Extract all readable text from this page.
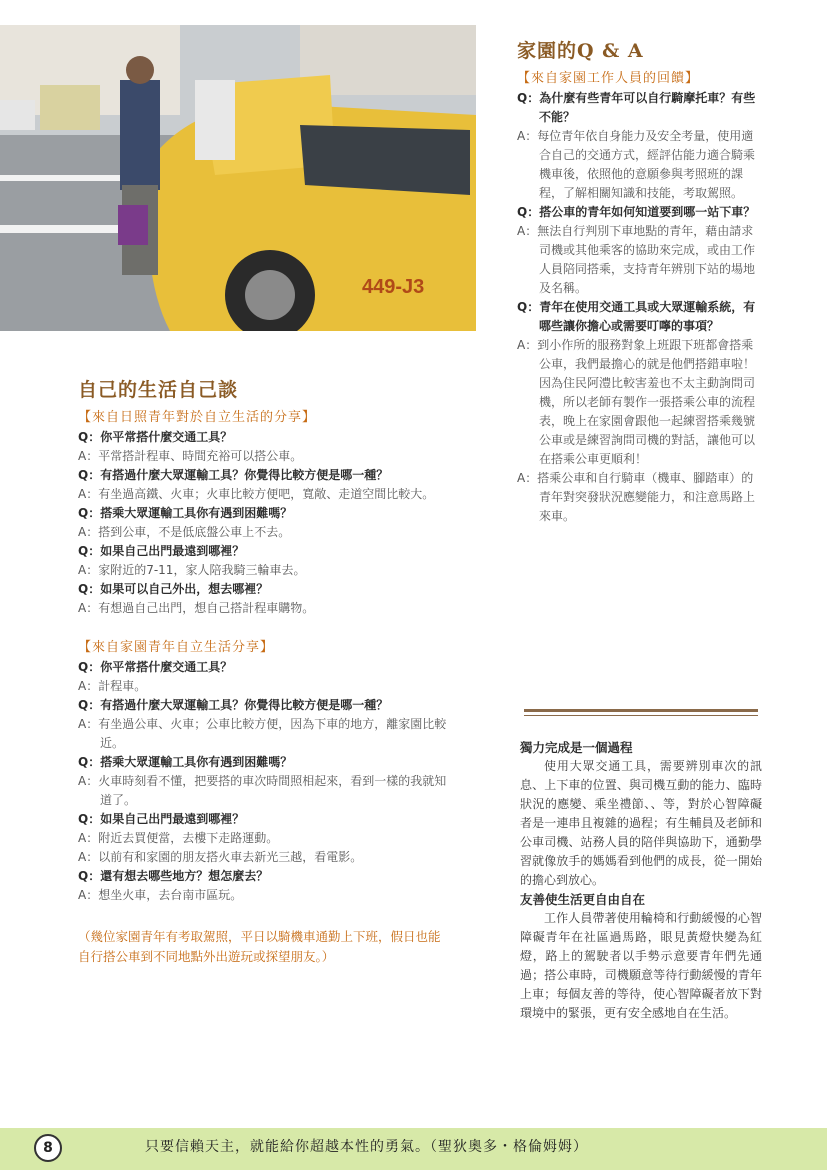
449-J3
自己的生活自己談
【來自日照青年對於自立生活的分享】
Q：你平常搭什麼交通工具？
A：平常搭計程車、時間充裕可以搭公車。
Q：有搭過什麼大眾運輸工具？你覺得比較方便是哪一種？
A：有坐過高鐵、火車；火車比較方便吧，寬敞、走道空間比較大。
Q：搭乘大眾運輸工具你有遇到困難嗎？
A：搭到公車，不是低底盤公車上不去。
Q：如果自己出門最遠到哪裡？
A：家附近的7-11，家人陪我騎三輪車去。
Q：如果可以自己外出，想去哪裡？
A：有想過自己出門，想自己搭計程車購物。
【來自家園青年自立生活分享】
Q：你平常搭什麼交通工具？
A：計程車。
Q：有搭過什麼大眾運輸工具？你覺得比較方便是哪一種？
A：有坐過公車、火車；公車比較方便，因為下車的地方，離家園比較近。
Q：搭乘大眾運輸工具你有遇到困難嗎？
A：火車時刻看不懂，把要搭的車次時間照相起來，看到一樣的我就知道了。
Q：如果自己出門最遠到哪裡？
A：附近去買便當，去樓下走路運動。
A：以前有和家園的朋友搭火車去新光三越，看電影。
Q：還有想去哪些地方？想怎麼去？
A：想坐火車，去台南市區玩。
（幾位家園青年有考取駕照，平日以騎機車通勤上下班，假日也能自行搭公車到不同地點外出遊玩或探望朋友。）
家園的Q & A
【來自家園工作人員的回饋】
Q：為什麼有些青年可以自行騎摩托車？有些不能？
A：每位青年依自身能力及安全考量，使用適合自己的交通方式，經評估能力適合騎乘機車後，依照他的意願參與考照班的課程，了解相關知識和技能，考取駕照。
Q：搭公車的青年如何知道要到哪一站下車？
A：無法自行判別下車地點的青年，藉由請求司機或其他乘客的協助來完成，或由工作人員陪同搭乘，支持青年辨別下站的場地及名稱。
Q：青年在使用交通工具或大眾運輸系統，有哪些讓你擔心或需要叮嚀的事項？
A：到小作所的服務對象上班跟下班都會搭乘公車，我們最擔心的就是他們搭錯車啦！因為住民阿澧比較害羞也不太主動詢問司機，所以老師有製作一張搭乘公車的流程表，晚上在家園會跟他一起練習搭乘幾號公車或是練習詢問司機的對話，讓他可以在搭乘公車更順利！
A：搭乘公車和自行騎車（機車、腳踏車）的青年對突發狀況應變能力，和注意馬路上來車。
獨力完成是一個過程

使用大眾交通工具，需要辨別車次的訊息、上下車的位置、與司機互動的能力、臨時狀況的應變、乘坐禮節、、等，對於心智障礙者是一連串且複雜的過程；有生輔員及老師和公車司機、站務人員的陪伴與協助下，通勤學習就像放手的媽媽看到他們的成長，從一開始的擔心到放心。

友善使生活更自由自在

工作人員帶著使用輪椅和行動緩慢的心智障礙青年在社區過馬路，眼見黃燈快變為紅燈，路上的駕駛者以手勢示意要青年們先通過；搭公車時，司機願意等待行動緩慢的青年上車；每個友善的等待，使心智障礙者放下對環境中的緊張，更有安全感地自在生活。

8	只要信賴天主，就能給你超越本性的勇氣。（聖狄奧多・格倫姆姆）
